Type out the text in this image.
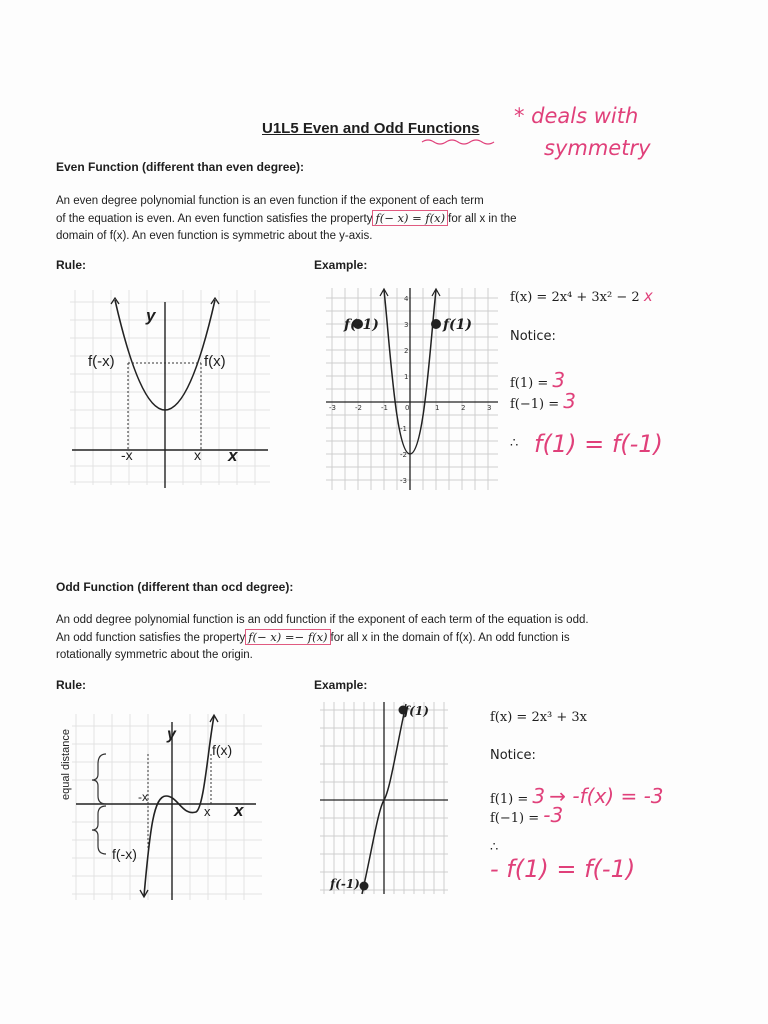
U1L5 Even and Odd Functions
* deals with
symmetry
Even Function (different than even degree):
An even degree polynomial function is an even function if the exponent of each term
of the equation is even. An even function satisfies the property f(− x) = f(x) for all x in the
domain of f(x). An even function is symmetric about the y-axis.
Rule:	Example:
f(-x)	f(x)
-x	x x
y
-3	-2	-1 0	1	2	3
4
3
2
1
-1
-2
-3
f(-1)	f(1)
f(x) = 2x⁴ + 3x² − 2 x
Notice:
f(1) = 3
f(−1) = 3
∴ f(1) = f(-1)
Odd Function (different than ocd degree):
An odd degree polynomial function is an odd function if the exponent of each term of the equation is odd.
An odd function satisfies the property f(− x) =− f(x) for all x in the domain of f(x). An odd function is
rotationally symmetric about the origin.
Rule:	Example:
equal distance	f(x)
f(-x)
-x
x x
y
f(1)
f(-1)
f(x) = 2x³ + 3x
Notice:
f(1) = 3 → -f(x) = -3
f(−1) = -3
∴
- f(1) = f(-1)
